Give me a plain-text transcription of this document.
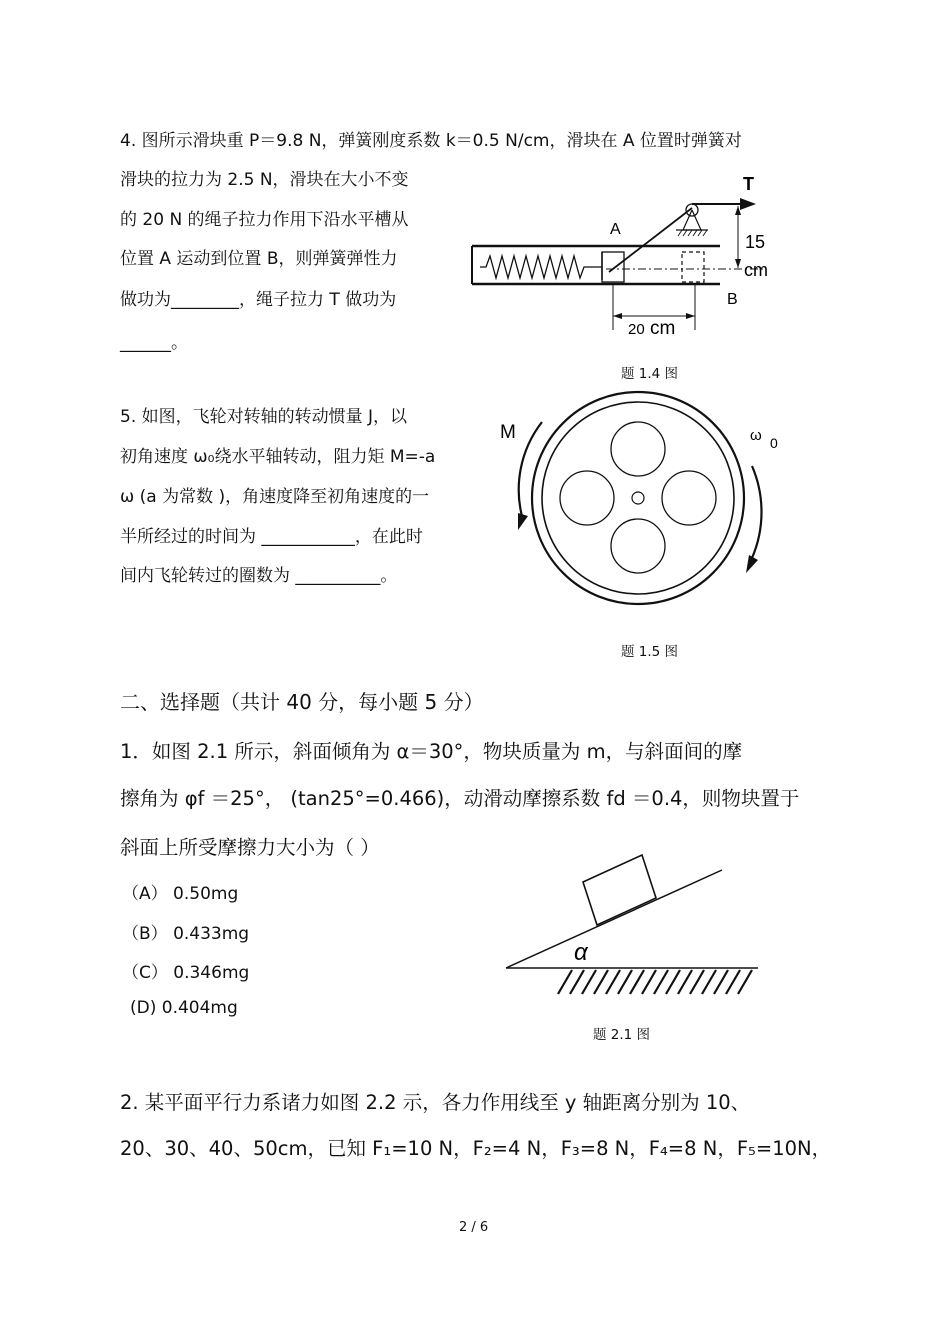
4. 图所示滑块重 P＝9.8 N，弹簧刚度系数 k＝0.5 N/cm，滑块在 A 位置时弹簧对
滑块的拉力为 2.5 N，滑块在大小不变
的 20 N 的绳子拉力作用下沿水平槽从
位置 A 运动到位置 B，则弹簧弹性力
做功为________，绳子拉力 T 做功为
______。
T
A
B
15
cm
20 cm
题 1.4 图
5. 如图，飞轮对转轴的转动惯量 J，以
初角速度 ω₀绕水平轴转动，阻力矩 M=-a
ω (a 为常数 )，角速度降至初角速度的一
半所经过的时间为 ___________，在此时
间内飞轮转过的圈数为 __________。
M	ω 0
题 1.5 图
二、选择题（共计 40 分，每小题 5 分）
1．如图 2.1 所示，斜面倾角为 α＝30°，物块质量为 m，与斜面间的摩
擦角为 φf ＝25°， (tan25°=0.466)，动滑动摩擦系数 fd ＝0.4，则物块置于
斜面上所受摩擦力大小为（ ）
（A） 0.50mg
（B） 0.433mg
（C） 0.346mg
(D) 0.404mg
α
题 2.1 图
2. 某平面平行力系诸力如图 2.2 示，各力作用线至 y 轴距离分别为 10、
20、30、40、50cm，已知 F₁=10 N，F₂=4 N，F₃=8 N，F₄=8 N，F₅=10N，
2 / 6
